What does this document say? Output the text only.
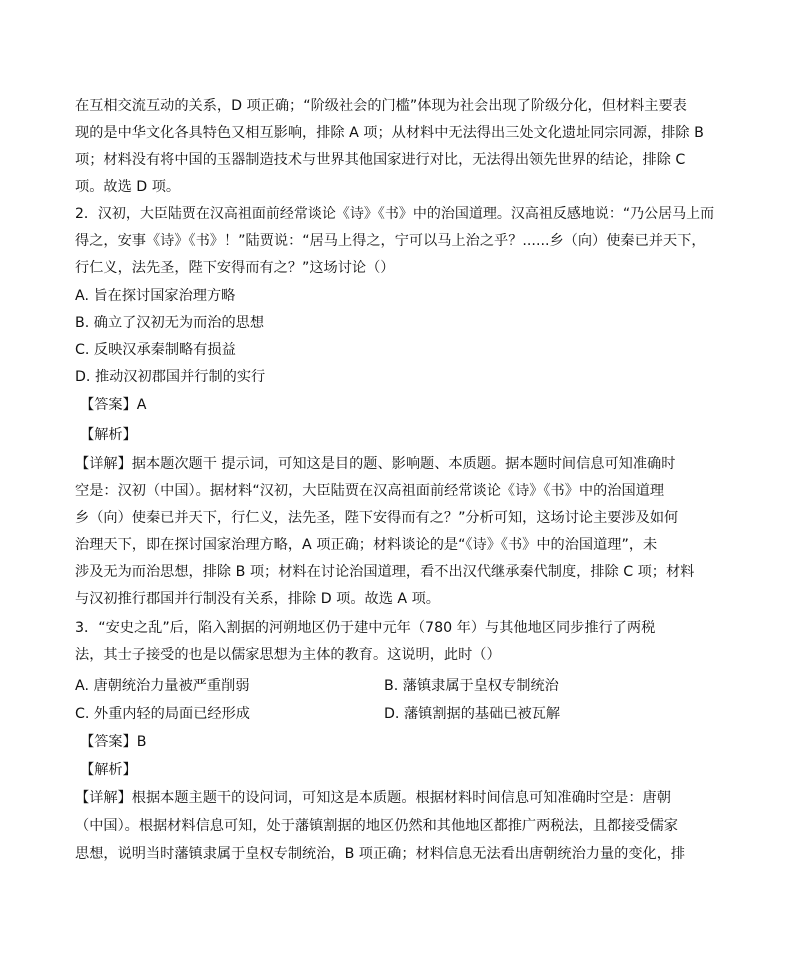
在互相交流互动的关系，D 项正确；“阶级社会的门槛”体现为社会出现了阶级分化，但材料主要表
现的是中华文化各具特色又相互影响，排除 A 项；从材料中无法得出三处文化遗址同宗同源，排除 B
项；材料没有将中国的玉器制造技术与世界其他国家进行对比，无法得出领先世界的结论，排除 C
项。故选 D 项。
2．汉初，大臣陆贾在汉高祖面前经常谈论《诗》《书》中的治国道理。汉高祖反感地说：“乃公居马上而
得之，安事《诗》《书》！”陆贾说：“居马上得之，宁可以马上治之乎？......乡（向）使秦已并天下，
行仁义，法先圣，陛下安得而有之？”这场讨论（）
A. 旨在探讨国家治理方略
B. 确立了汉初无为而治的思想
C. 反映汉承秦制略有损益
D. 推动汉初郡国并行制的实行
【答案】A
【解析】
【详解】据本题次题干 提示词，可知这是目的题、影响题、本质题。据本题时间信息可知准确时
空是：汉初（中国）。据材料“汉初，大臣陆贾在汉高祖面前经常谈论《诗》《书》中的治国道理
乡（向）使秦已并天下，行仁义，法先圣，陛下安得而有之？”分析可知，这场讨论主要涉及如何
治理天下，即在探讨国家治理方略，A 项正确；材料谈论的是“《诗》《书》中的治国道理”，未
涉及无为而治思想，排除 B 项；材料在讨论治国道理，看不出汉代继承秦代制度，排除 C 项；材料
与汉初推行郡国并行制没有关系，排除 D 项。故选 A 项。
3．“安史之乱”后，陷入割据的河朔地区仍于建中元年（780 年）与其他地区同步推行了两税
法，其士子接受的也是以儒家思想为主体的教育。这说明，此时（）
A. 唐朝统治力量被严重削弱	B. 藩镇隶属于皇权专制统治
C. 外重内轻的局面已经形成	D. 藩镇割据的基础已被瓦解
【答案】B
【解析】
【详解】根据本题主题干的设问词，可知这是本质题。根据材料时间信息可知准确时空是：唐朝
（中国）。根据材料信息可知，处于藩镇割据的地区仍然和其他地区都推广两税法，且都接受儒家
思想，说明当时藩镇隶属于皇权专制统治，B 项正确；材料信息无法看出唐朝统治力量的变化，排
